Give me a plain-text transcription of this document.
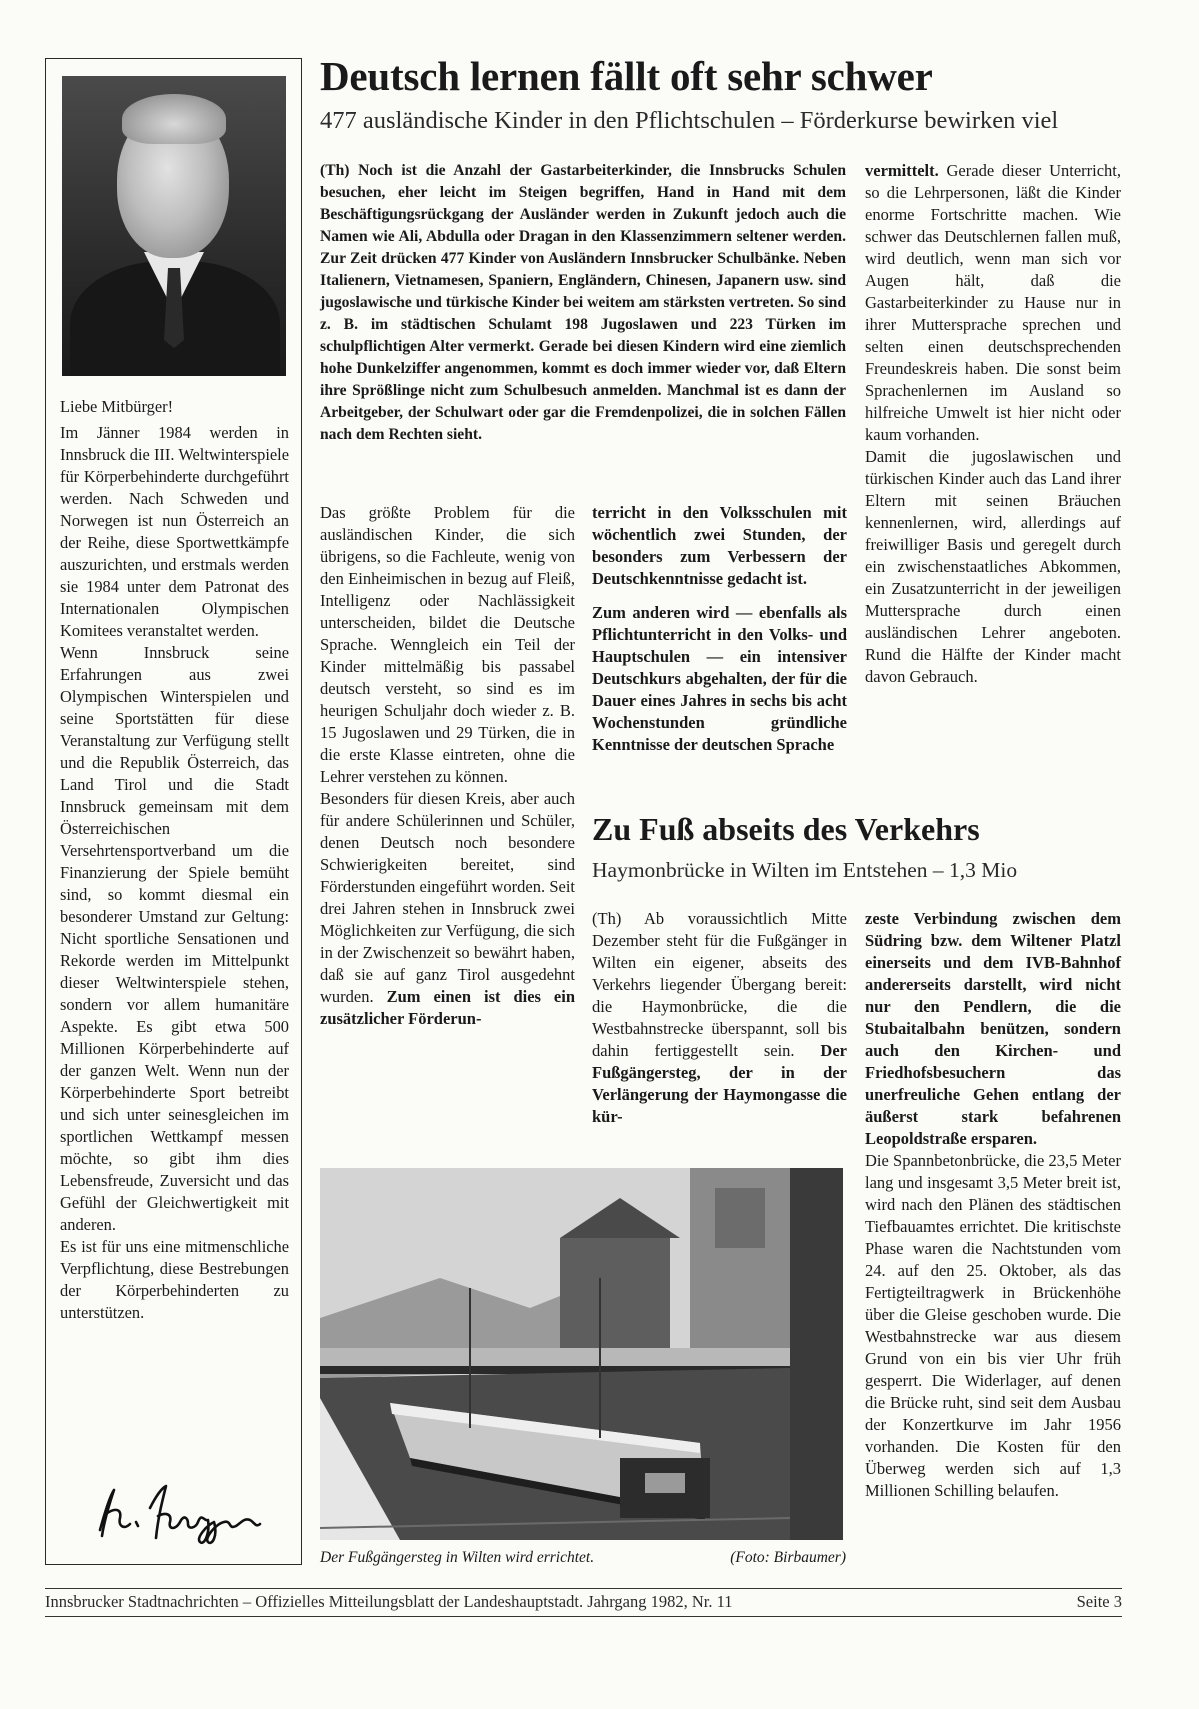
Liebe Mitbürger!

Im Jänner 1984 werden in Innsbruck die III. Weltwinterspiele für Körperbehinderte durchgeführt werden. Nach Schweden und Norwegen ist nun Österreich an der Reihe, diese Sportwettkämpfe auszurichten, und erstmals werden sie 1984 unter dem Patronat des Internationalen Olympischen Komitees veranstaltet werden.

Wenn Innsbruck seine Erfahrungen aus zwei Olympischen Winterspielen und seine Sportstätten für diese Veranstaltung zur Verfügung stellt und die Republik Österreich, das Land Tirol und die Stadt Innsbruck gemeinsam mit dem Österreichischen Versehrtensportverband um die Finanzierung der Spiele bemüht sind, so kommt diesmal ein besonderer Umstand zur Geltung: Nicht sportliche Sensationen und Rekorde werden im Mittelpunkt dieser Weltwinterspiele stehen, sondern vor allem humanitäre Aspekte. Es gibt etwa 500 Millionen Körperbehinderte auf der ganzen Welt. Wenn nun der Körperbehinderte Sport betreibt und sich unter seinesgleichen im sportlichen Wettkampf messen möchte, so gibt ihm dies Lebensfreude, Zuversicht und das Gefühl der Gleichwertigkeit mit anderen.

Es ist für uns eine mitmenschliche Verpflichtung, diese Bestrebungen der Körperbehinderten zu unterstützen.

Deutsch lernen fällt oft sehr schwer

477 ausländische Kinder in den Pflichtschulen – Förderkurse bewirken viel

(Th) Noch ist die Anzahl der Gastarbeiterkinder, die Innsbrucks Schulen besuchen, eher leicht im Steigen begriffen, Hand in Hand mit dem Beschäftigungsrückgang der Ausländer werden in Zukunft jedoch auch die Namen wie Ali, Abdulla oder Dragan in den Klassenzimmern seltener werden. Zur Zeit drücken 477 Kinder von Ausländern Innsbrucker Schulbänke. Neben Italienern, Vietnamesen, Spaniern, Engländern, Chinesen, Japanern usw. sind jugoslawische und türkische Kinder bei weitem am stärksten vertreten. So sind z. B. im städtischen Schulamt 198 Jugoslawen und 223 Türken im schulpflichtigen Alter vermerkt. Gerade bei diesen Kindern wird eine ziemlich hohe Dunkelziffer angenommen, kommt es doch immer wieder vor, daß Eltern ihre Sprößlinge nicht zum Schulbesuch anmelden. Manchmal ist es dann der Arbeitgeber, der Schulwart oder gar die Fremdenpolizei, die in solchen Fällen nach dem Rechten sieht.

vermittelt. Gerade dieser Unterricht, so die Lehrpersonen, läßt die Kinder enorme Fortschritte machen. Wie schwer das Deutschlernen fallen muß, wird deutlich, wenn man sich vor Augen hält, daß die Gastarbeiterkinder zu Hause nur in ihrer Muttersprache sprechen und selten einen deutschsprechenden Freundeskreis haben. Die sonst beim Sprachenlernen im Ausland so hilfreiche Umwelt ist hier nicht oder kaum vorhanden.

Damit die jugoslawischen und türkischen Kinder auch das Land ihrer Eltern mit seinen Bräuchen kennenlernen, wird, allerdings auf freiwilliger Basis und geregelt durch ein zwischenstaatliches Abkommen, ein Zusatzunterricht in der jeweiligen Muttersprache durch einen ausländischen Lehrer angeboten. Rund die Hälfte der Kinder macht davon Gebrauch.

Das größte Problem für die ausländischen Kinder, die sich übrigens, so die Fachleute, wenig von den Einheimischen in bezug auf Fleiß, Intelligenz oder Nachlässigkeit unterscheiden, bildet die Deutsche Sprache. Wenngleich ein Teil der Kinder mittelmäßig bis passabel deutsch versteht, so sind es im heurigen Schuljahr doch wieder z. B. 15 Jugoslawen und 29 Türken, die in die erste Klasse eintreten, ohne die Lehrer verstehen zu können.

Besonders für diesen Kreis, aber auch für andere Schülerinnen und Schüler, denen Deutsch noch besondere Schwierigkeiten bereitet, sind Förderstunden eingeführt worden. Seit drei Jahren stehen in Innsbruck zwei Möglichkeiten zur Verfügung, die sich in der Zwischenzeit so bewährt haben, daß sie auf ganz Tirol ausgedehnt wurden. Zum einen ist dies ein zusätzlicher Förderun-

terricht in den Volksschulen mit wöchentlich zwei Stunden, der besonders zum Verbessern der Deutschkenntnisse gedacht ist.

Zum anderen wird — ebenfalls als Pflichtunterricht in den Volks- und Hauptschulen — ein intensiver Deutschkurs abgehalten, der für die Dauer eines Jahres in sechs bis acht Wochenstunden gründliche Kenntnisse der deutschen Sprache

Zu Fuß abseits des Verkehrs

Haymonbrücke in Wilten im Entstehen – 1,3 Mio

(Th) Ab voraussichtlich Mitte Dezember steht für die Fußgänger in Wilten ein eigener, abseits des Verkehrs liegender Übergang bereit: die Haymonbrücke, die die Westbahnstrecke überspannt, soll bis dahin fertiggestellt sein. Der Fußgängersteg, der in der Verlängerung der Haymongasse die kür-

zeste Verbindung zwischen dem Südring bzw. dem Wiltener Platzl einerseits und dem IVB-Bahnhof andererseits darstellt, wird nicht nur den Pendlern, die die Stubaitalbahn benützen, sondern auch den Kirchen- und Friedhofsbesuchern das unerfreuliche Gehen entlang der äußerst stark befahrenen Leopoldstraße ersparen.

Die Spannbetonbrücke, die 23,5 Meter lang und insgesamt 3,5 Meter breit ist, wird nach den Plänen des städtischen Tiefbauamtes errichtet. Die kritischste Phase waren die Nachtstunden vom 24. auf den 25. Oktober, als das Fertigteiltragwerk in Brückenhöhe über die Gleise geschoben wurde. Die Westbahnstrecke war aus diesem Grund von ein bis vier Uhr früh gesperrt. Die Widerlager, auf denen die Brücke ruht, sind seit dem Ausbau der Konzertkurve im Jahr 1956 vorhanden. Die Kosten für den Überweg werden sich auf 1,3 Millionen Schilling belaufen.

Der Fußgängersteg in Wilten wird errichtet.	(Foto: Birbaumer)
Innsbrucker Stadtnachrichten – Offizielles Mitteilungsblatt der Landeshauptstadt. Jahrgang 1982, Nr. 11	Seite 3
